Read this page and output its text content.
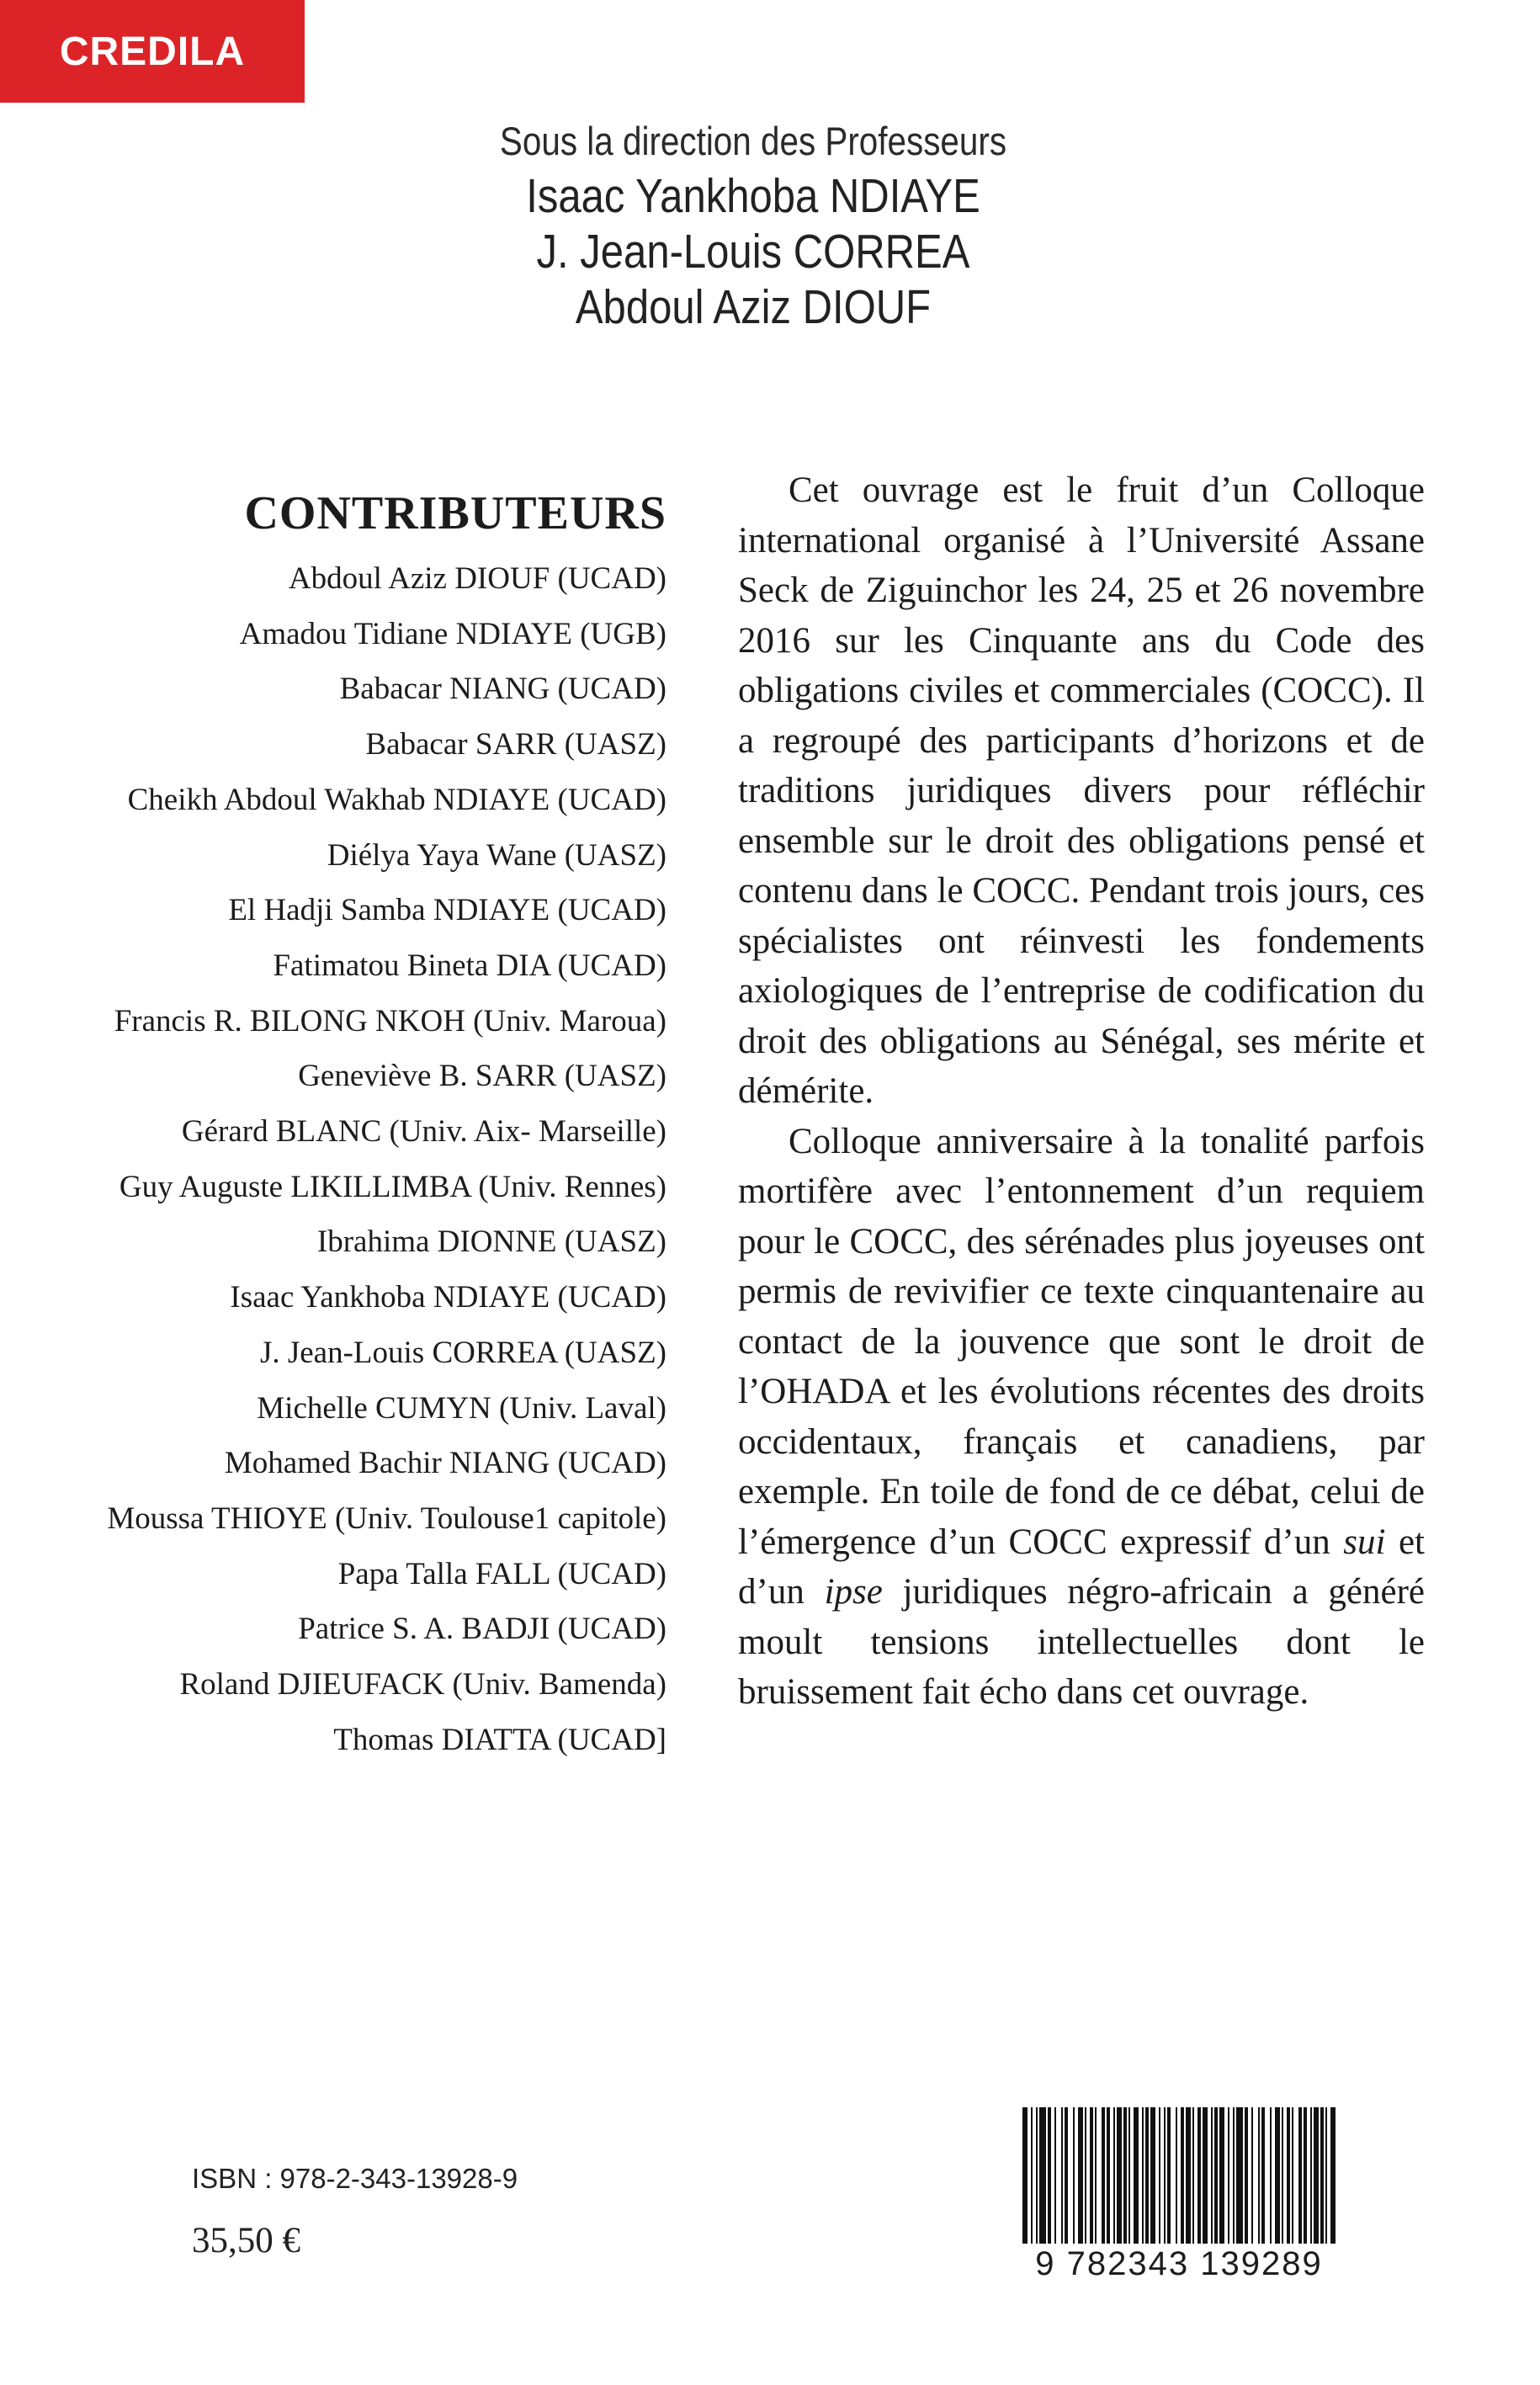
CREDILA
Sous la direction des Professeurs
Isaac Yankhoba NDIAYE
J. Jean-Louis CORREA
Abdoul Aziz DIOUF
CONTRIBUTEURS
Abdoul Aziz DIOUF (UCAD)
Amadou Tidiane NDIAYE (UGB)
Babacar NIANG (UCAD)
Babacar SARR (UASZ)
Cheikh Abdoul Wakhab NDIAYE (UCAD)
Diélya Yaya Wane (UASZ)
El Hadji Samba NDIAYE (UCAD)
Fatimatou Bineta DIA (UCAD)
Francis R. BILONG NKOH (Univ. Maroua)
Geneviève B. SARR (UASZ)
Gérard BLANC (Univ. Aix- Marseille)
Guy Auguste LIKILLIMBA (Univ. Rennes)
Ibrahima DIONNE (UASZ)
Isaac Yankhoba NDIAYE (UCAD)
J. Jean-Louis CORREA (UASZ)
Michelle CUMYN (Univ. Laval)
Mohamed Bachir NIANG (UCAD)
Moussa THIOYE (Univ. Toulouse1 capitole)
Papa Talla FALL (UCAD)
Patrice S. A. BADJI (UCAD)
Roland DJIEUFACK (Univ. Bamenda)
Thomas DIATTA (UCAD]

Cet ouvrage est le fruit d’un Colloque international organisé à l’Université Assane Seck de Ziguinchor les 24, 25 et 26 novembre 2016 sur les Cinquante ans du Code des obligations civiles et commerciales (COCC). Il a regroupé des participants d’horizons et de traditions juridiques divers pour réfléchir ensemble sur le droit des obligations pensé et contenu dans le COCC. Pendant trois jours, ces spécialistes ont réinvesti les fondements axiologiques de l’entreprise de codification du droit des obligations au Sénégal, ses mérite et démérite.

Colloque anniversaire à la tonalité parfois mortifère avec l’entonnement d’un requiem pour le COCC, des sérénades plus joyeuses ont permis de revivifier ce texte cinquantenaire au contact de la jouvence que sont le droit de l’OHADA et les évolutions récentes des droits occidentaux, français et canadiens, par exemple. En toile de fond de ce débat, celui de l’émergence d’un COCC expressif d’un sui et d’un ipse juridiques négro-africain a généré moult tensions intellectuelles dont le bruissement fait écho dans cet ouvrage.

ISBN : 978-2-343-13928-9
35,50 €
9 782343 139289
